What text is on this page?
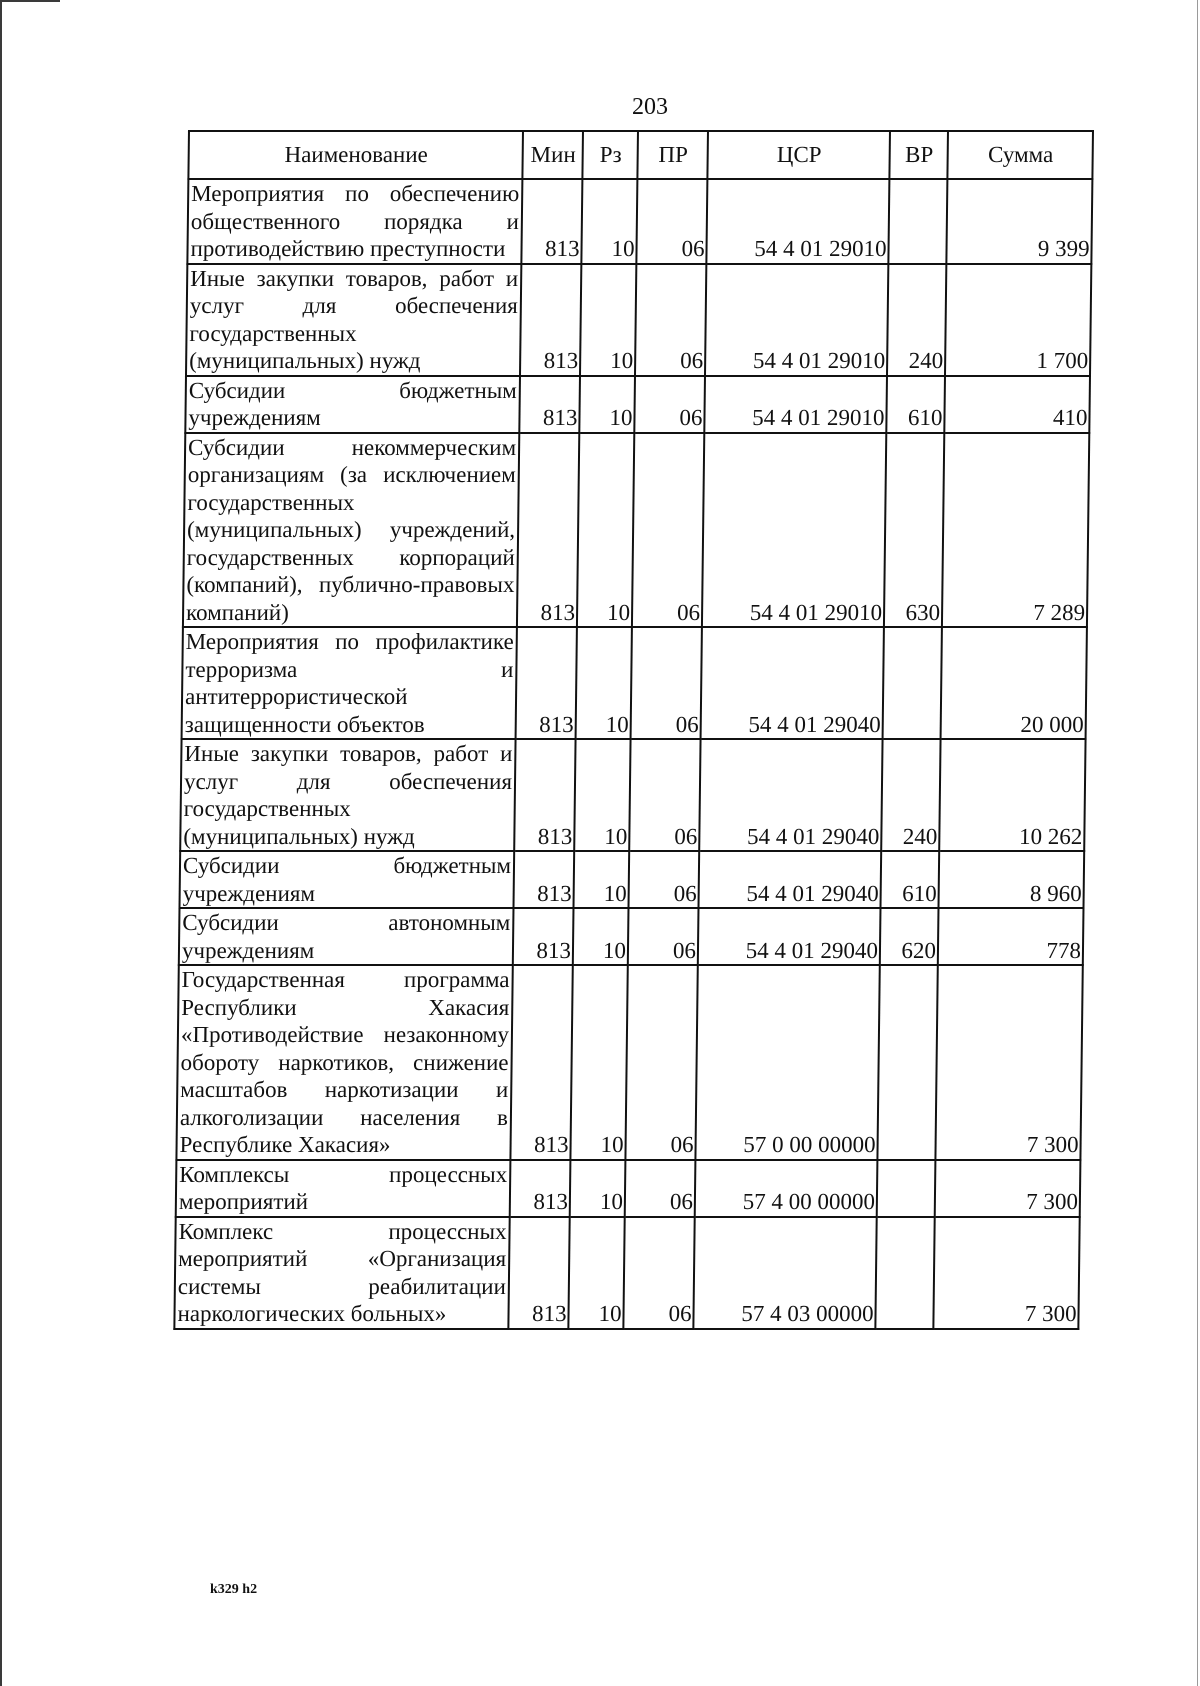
203
Наименование	Мин	Рз	ПР	ЦСР	ВР	Сумма
Мероприятия по обеспечению общественного порядка и противодействию преступности	813	10	06	54 4 01 29010		9 399
Иные закупки товаров, работ и услуг для обеспечения государственных (муниципальных) нужд	813	10	06	54 4 01 29010	240	1 700
Субсидии бюджетным учреждениям	813	10	06	54 4 01 29010	610	410
Субсидии некоммерческим организациям (за исключением государственных (муниципальных) учреждений, государственных корпораций (компаний), публично-правовых компаний)	813	10	06	54 4 01 29010	630	7 289
Мероприятия по профилактике терроризма и антитеррористической защищенности объектов	813	10	06	54 4 01 29040		20 000
Иные закупки товаров, работ и услуг для обеспечения государственных (муниципальных) нужд	813	10	06	54 4 01 29040	240	10 262
Субсидии бюджетным учреждениям	813	10	06	54 4 01 29040	610	8 960
Субсидии автономным учреждениям	813	10	06	54 4 01 29040	620	778
Государственная программа Республики Хакасия «Противодействие незаконному обороту наркотиков, снижение масштабов наркотизации и алкоголизации населения в Республике Хакасия»	813	10	06	57 0 00 00000		7 300
Комплексы процессных мероприятий	813	10	06	57 4 00 00000		7 300
Комплекс процессных мероприятий «Организация системы реабилитации наркологических больных»	813	10	06	57 4 03 00000		7 300
k329 h2
